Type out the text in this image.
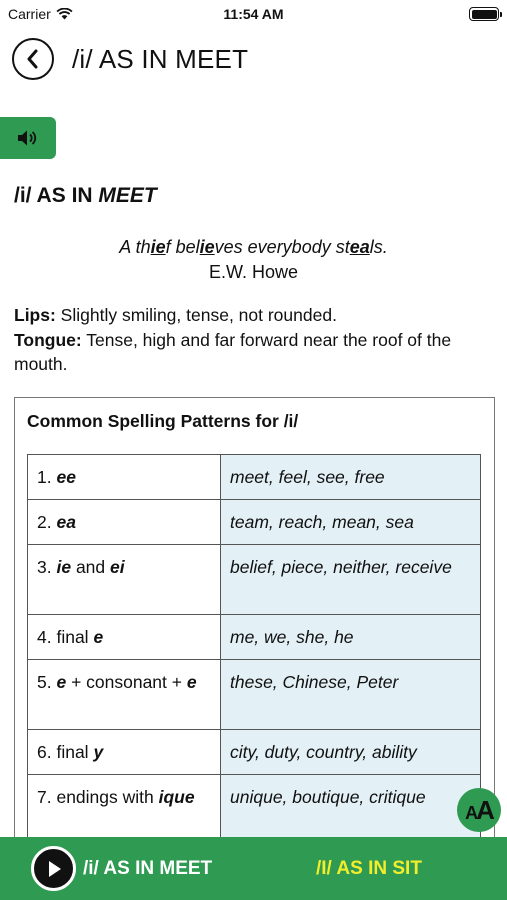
Carrier	11:54 AM
/i/ AS IN MEET
/i/ AS IN MEET
A thief believes everybody steals.
E.W. Howe
Lips: Slightly smiling, tense, not rounded.
Tongue: Tense, high and far forward near the roof of the mouth.
Common Spelling Patterns for /i/
1. ee	meet, feel, see, free
2. ea	team, reach, mean, sea
3. ie and ei	belief, piece, neither, receive
4. final e	me, we, she, he
5. e + consonant + e	these, Chinese, Peter
6. final y	city, duty, country, ability
7. endings with ique	unique, boutique, critique
A A
/i/ AS IN MEET	/I/ AS IN SIT
